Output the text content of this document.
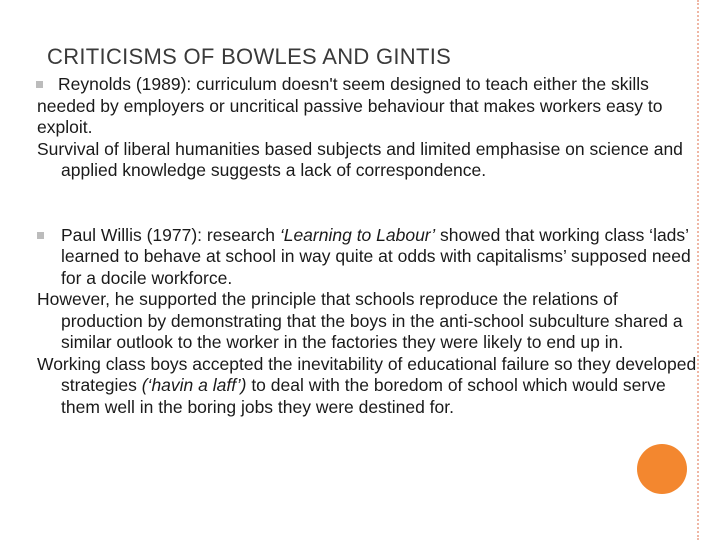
CRITICISMS OF BOWLES AND GINTIS

Reynolds (1989): curriculum doesn't seem designed to teach either the skills needed by employers or uncritical passive behaviour that makes workers easy to exploit.

Survival of liberal humanities based subjects and limited emphasise on science and applied knowledge suggests a lack of correspondence.

Paul Willis (1977): research ‘Learning to Labour’ showed that working class ‘lads’ learned to behave at school in way quite at odds with capitalisms’ supposed need for a docile workforce.

However, he supported the principle that schools reproduce the relations of production by demonstrating that the boys in the anti-school subculture shared a similar outlook to the worker in the factories they were likely to end up in.

Working class boys accepted the inevitability of educational failure so they developed strategies (‘havin a laff’) to deal with the boredom of school which would serve them well in the boring jobs they were destined for.
